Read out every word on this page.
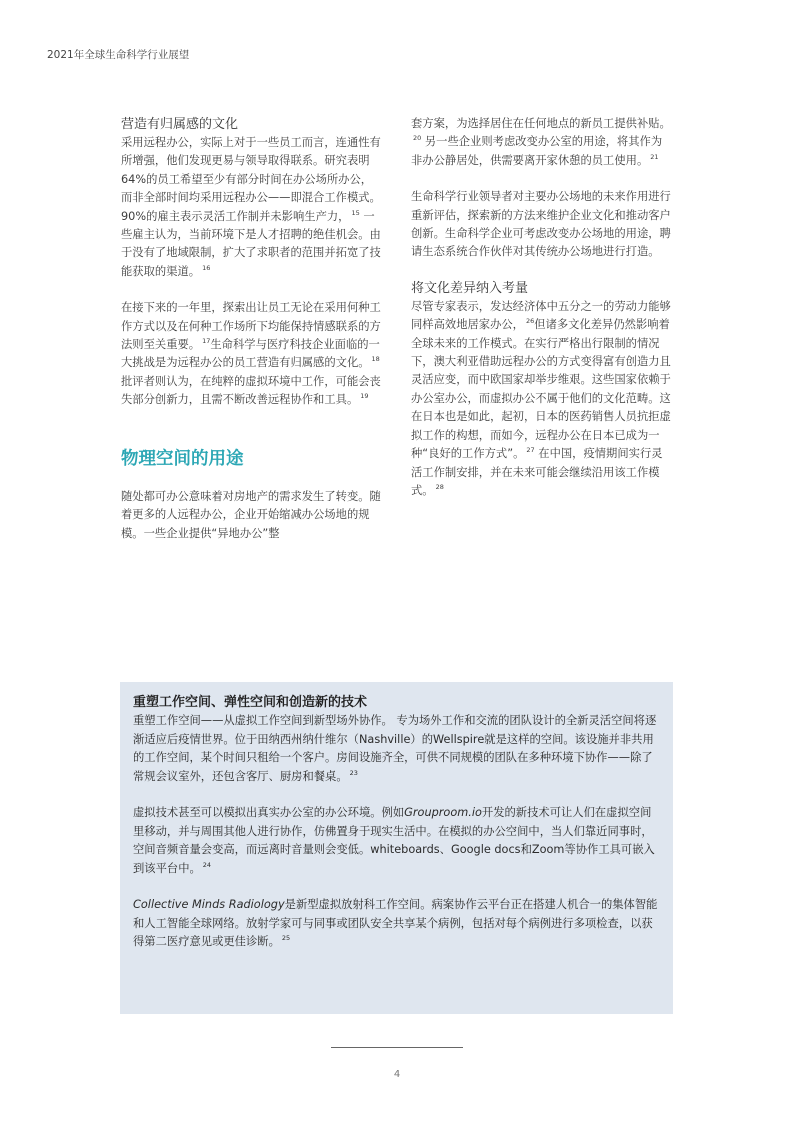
2021年全球生命科学行业展望

营造有归属感的文化

采用远程办公，实际上对于一些员工而言，连通性有所增强，他们发现更易与领导取得联系。研究表明64%的员工希望至少有部分时间在办公场所办公，而非全部时间均采用远程办公——即混合工作模式。90%的雇主表示灵活工作制并未影响生产力， $^{15}$ 一些雇主认为，当前环境下是人才招聘的绝佳机会。由于没有了地域限制，扩大了求职者的范围并拓宽了技能获取的渠道。 $^{16}$

在接下来的一年里，探索出让员工无论在采用何种工作方式以及在何种工作场所下均能保持情感联系的方法则至关重要。 $^{17}$生命科学与医疗科技企业面临的一大挑战是为远程办公的员工营造有归属感的文化。 $^{18}$ 批评者则认为，在纯粹的虚拟环境中工作，可能会丧失部分创新力，且需不断改善远程协作和工具。 $^{19}$

物理空间的用途

随处都可办公意味着对房地产的需求发生了转变。随着更多的人远程办公，企业开始缩减办公场地的规模。一些企业提供“异地办公”整

套方案，为选择居住在任何地点的新员工提供补贴。$^{20}$ 另一些企业则考虑改变办公室的用途，将其作为非办公静居处，供需要离开家休憩的员工使用。 $^{21}$

生命科学行业领导者对主要办公场地的未来作用进行重新评估，探索新的方法来维护企业文化和推动客户创新。生命科学企业可考虑改变办公场地的用途，聘请生态系统合作伙伴对其传统办公场地进行打造。

将文化差异纳入考量

尽管专家表示，发达经济体中五分之一的劳动力能够同样高效地居家办公， $^{26}$但诸多文化差异仍然影响着全球未来的工作模式。在实行严格出行限制的情况下，澳大利亚借助远程办公的方式变得富有创造力且灵活应变，而中欧国家却举步维艰。这些国家依赖于办公室办公，而虚拟办公不属于他们的文化范畴。这在日本也是如此，起初，日本的医药销售人员抗拒虚拟工作的构想，而如今，远程办公在日本已成为一种“良好的工作方式”。 $^{27}$ 在中国，疫情期间实行灵活工作制安排，并在未来可能会继续沿用该工作模式。 $^{28}$

重塑工作空间、弹性空间和创造新的技术

重塑工作空间——从虚拟工作空间到新型场外协作。 专为场外工作和交流的团队设计的全新灵活空间将逐渐适应后疫情世界。位于田纳西州纳什维尔（Nashville）的Wellspire就是这样的空间。该设施并非共用的工作空间，某个时间只租给一个客户。房间设施齐全，可供不同规模的团队在多种环境下协作——除了常规会议室外，还包含客厅、厨房和餐桌。 $^{23}$

虚拟技术甚至可以模拟出真实办公室的办公环境。例如Grouproom.io开发的新技术可让人们在虚拟空间里移动，并与周围其他人进行协作，仿佛置身于现实生活中。在模拟的办公空间中，当人们靠近同事时，空间音频音量会变高，而远离时音量则会变低。whiteboards、Google docs和Zoom等协作工具可嵌入到该平台中。 $^{24}$

Collective Minds Radiology是新型虚拟放射科工作空间。病案协作云平台正在搭建人机合一的集体智能和人工智能全球网络。放射学家可与同事或团队安全共享某个病例，包括对每个病例进行多项检查，以获得第二医疗意见或更佳诊断。 $^{25}$

4
